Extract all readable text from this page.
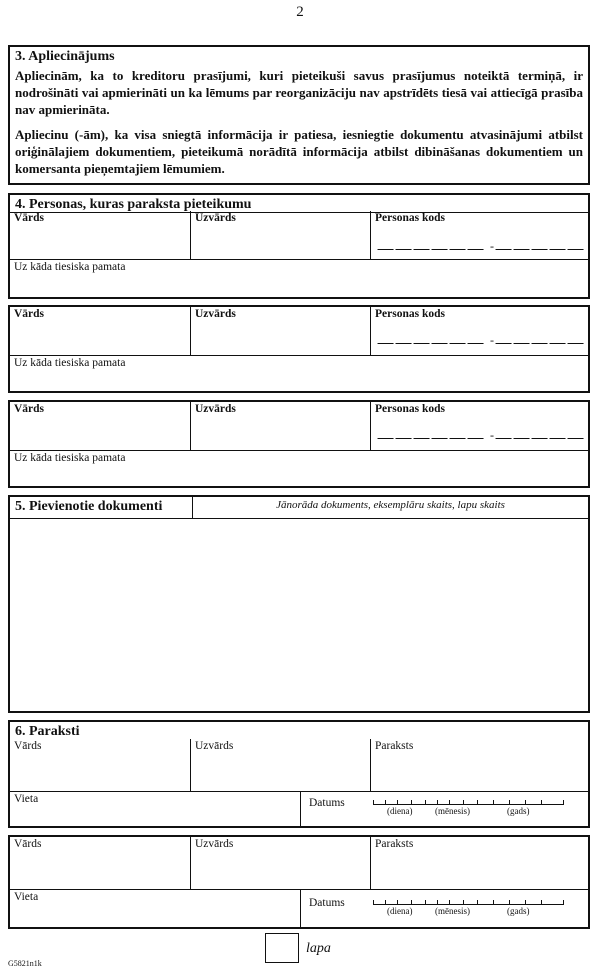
2
3. Apliecinājums

Apliecinām, ka to kreditoru prasījumi, kuri pieteikuši savus prasījumus noteiktā termiņā, ir nodrošināti vai apmierināti un ka lēmums par reorganizāciju nav apstrīdēts tiesā vai attiecīgā prasība nav apmierināta.

Apliecinu (-ām), ka visa sniegtā informācija ir patiesa, iesniegtie dokumentu atvasinājumi atbilst oriģinālajiem dokumentiem, pieteikumā norādītā informācija atbilst dibināšanas dokumentiem un komersanta pieņemtajiem lēmumiem.

4. Personas, kuras paraksta pieteikumu
Vārds	Uzvārds	Personas kods
-
Uz kāda tiesiska pamata
Vārds	Uzvārds	Personas kods
-
Uz kāda tiesiska pamata
Vārds	Uzvārds	Personas kods
-
Uz kāda tiesiska pamata
5. Pievienotie dokumenti	Jānorāda dokuments, eksemplāru skaits, lapu skaits
6. Paraksti
Vārds	Uzvārds	Paraksts
Vieta	Datums
(diena)	(mēnesis)	(gads)
Vārds	Uzvārds	Paraksts
Vieta	Datums
(diena)	(mēnesis)	(gads)
lapa
G5821n1k
